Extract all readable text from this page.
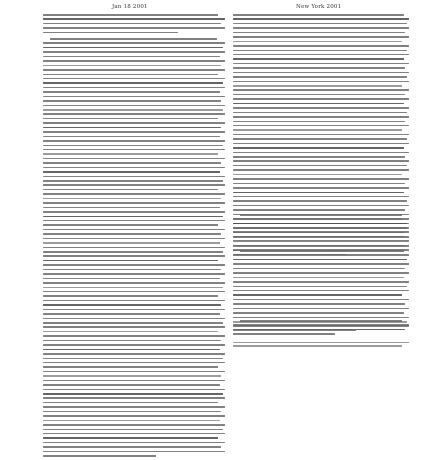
Jan 18 2001	New York 2001
